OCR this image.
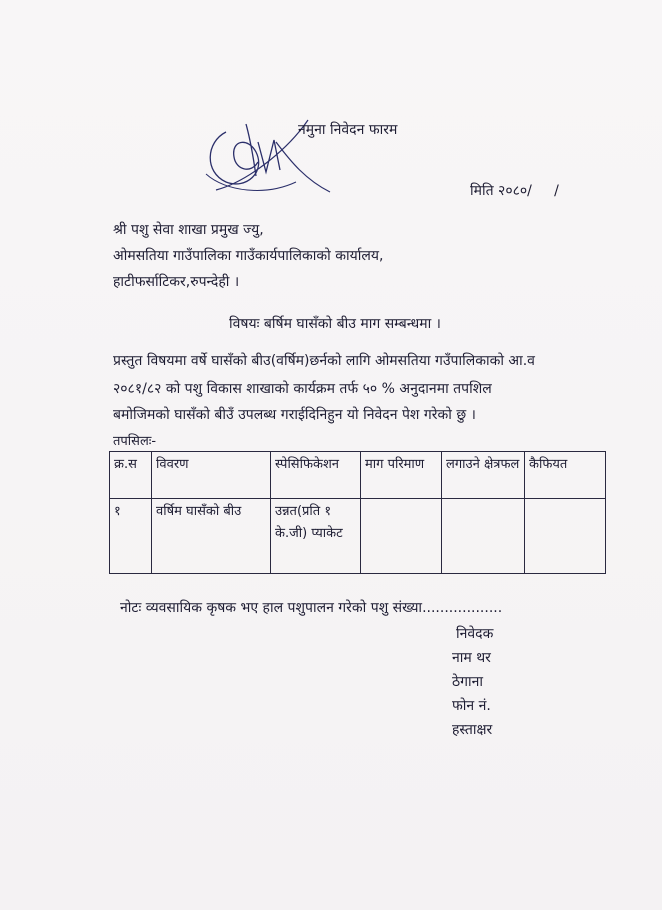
नमुना निवेदन फारम
मिति २०८०/     /
श्री पशु सेवा शाखा प्रमुख ज्यु,
ओमसतिया गाउँपालिका गाउँकार्यपालिकाको कार्यालय,
हाटीफर्साटिकर,रुपन्देही ।
विषयः बर्षिम घासँको बीउ माग सम्बन्धमा ।
प्रस्तुत विषयमा वर्षे घासँको बीउ(वर्षिम)छर्नको लागि ओमसतिया गउँपालिकाको आ.व
२०८१/८२ को पशु विकास शाखाको कार्यक्रम तर्फ ५० % अनुदानमा तपशिल
बमोजिमको घासँको बीउँ उपलब्ध गराईदिनिहुन यो निवेदन पेश गरेको छु ।
तपसिलः-
क्र.स	विवरण	स्पेसिफिकेशन	माग परिमाण	लगाउने क्षेत्रफल	कैफियत
१	वर्षिम घासँको बीउ	उन्नत(प्रति १ के.जी) प्याकेट			
नोटः व्यवसायिक कृषक भए हाल पशुपालन गरेको पशु संख्या..................
निवेदक
नाम थर
ठेगाना
फोन नं.
हस्ताक्षर
